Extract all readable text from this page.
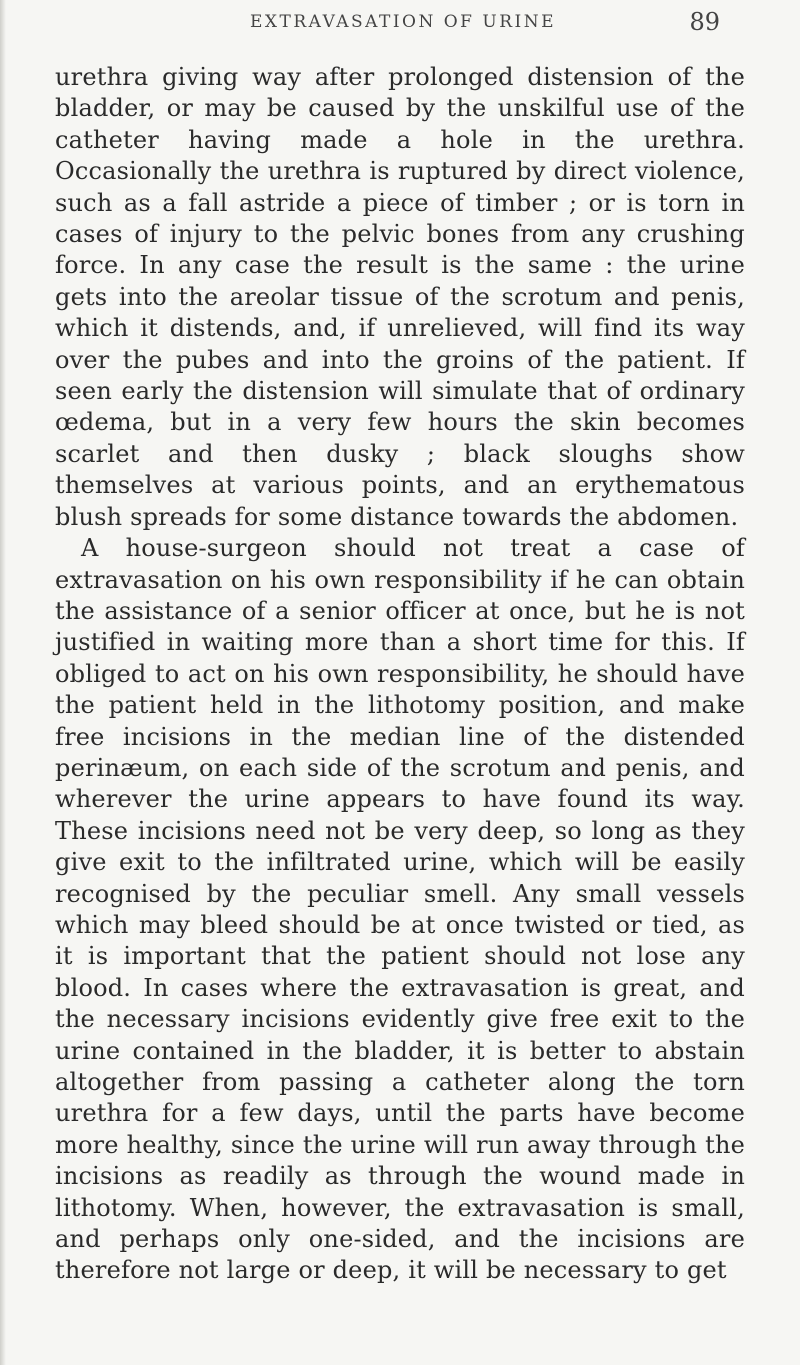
EXTRAVASATION OF URINE	89

urethra giving way after prolonged distension of the bladder, or may be caused by the unskilful use of the catheter having made a hole in the urethra. Occasionally the urethra is ruptured by direct violence, such as a fall astride a piece of timber ; or is torn in cases of injury to the pelvic bones from any crushing force. In any case the result is the same : the urine gets into the areolar tissue of the scrotum and penis, which it distends, and, if unrelieved, will find its way over the pubes and into the groins of the patient. If seen early the distension will simulate that of ordinary œdema, but in a very few hours the skin becomes scarlet and then dusky ; black sloughs show themselves at various points, and an erythematous blush spreads for some distance towards the abdomen.

A house-surgeon should not treat a case of extravasation on his own responsibility if he can obtain the assistance of a senior officer at once, but he is not justified in waiting more than a short time for this. If obliged to act on his own responsibility, he should have the patient held in the lithotomy position, and make free incisions in the median line of the distended perinæum, on each side of the scrotum and penis, and wherever the urine appears to have found its way. These incisions need not be very deep, so long as they give exit to the infiltrated urine, which will be easily recognised by the peculiar smell. Any small vessels which may bleed should be at once twisted or tied, as it is important that the patient should not lose any blood. In cases where the extravasation is great, and the necessary incisions evidently give free exit to the urine contained in the bladder, it is better to abstain altogether from passing a catheter along the torn urethra for a few days, until the parts have become more healthy, since the urine will run away through the incisions as readily as through the wound made in lithotomy. When, however, the extravasation is small, and perhaps only one-sided, and the incisions are therefore not large or deep, it will be necessary to get
